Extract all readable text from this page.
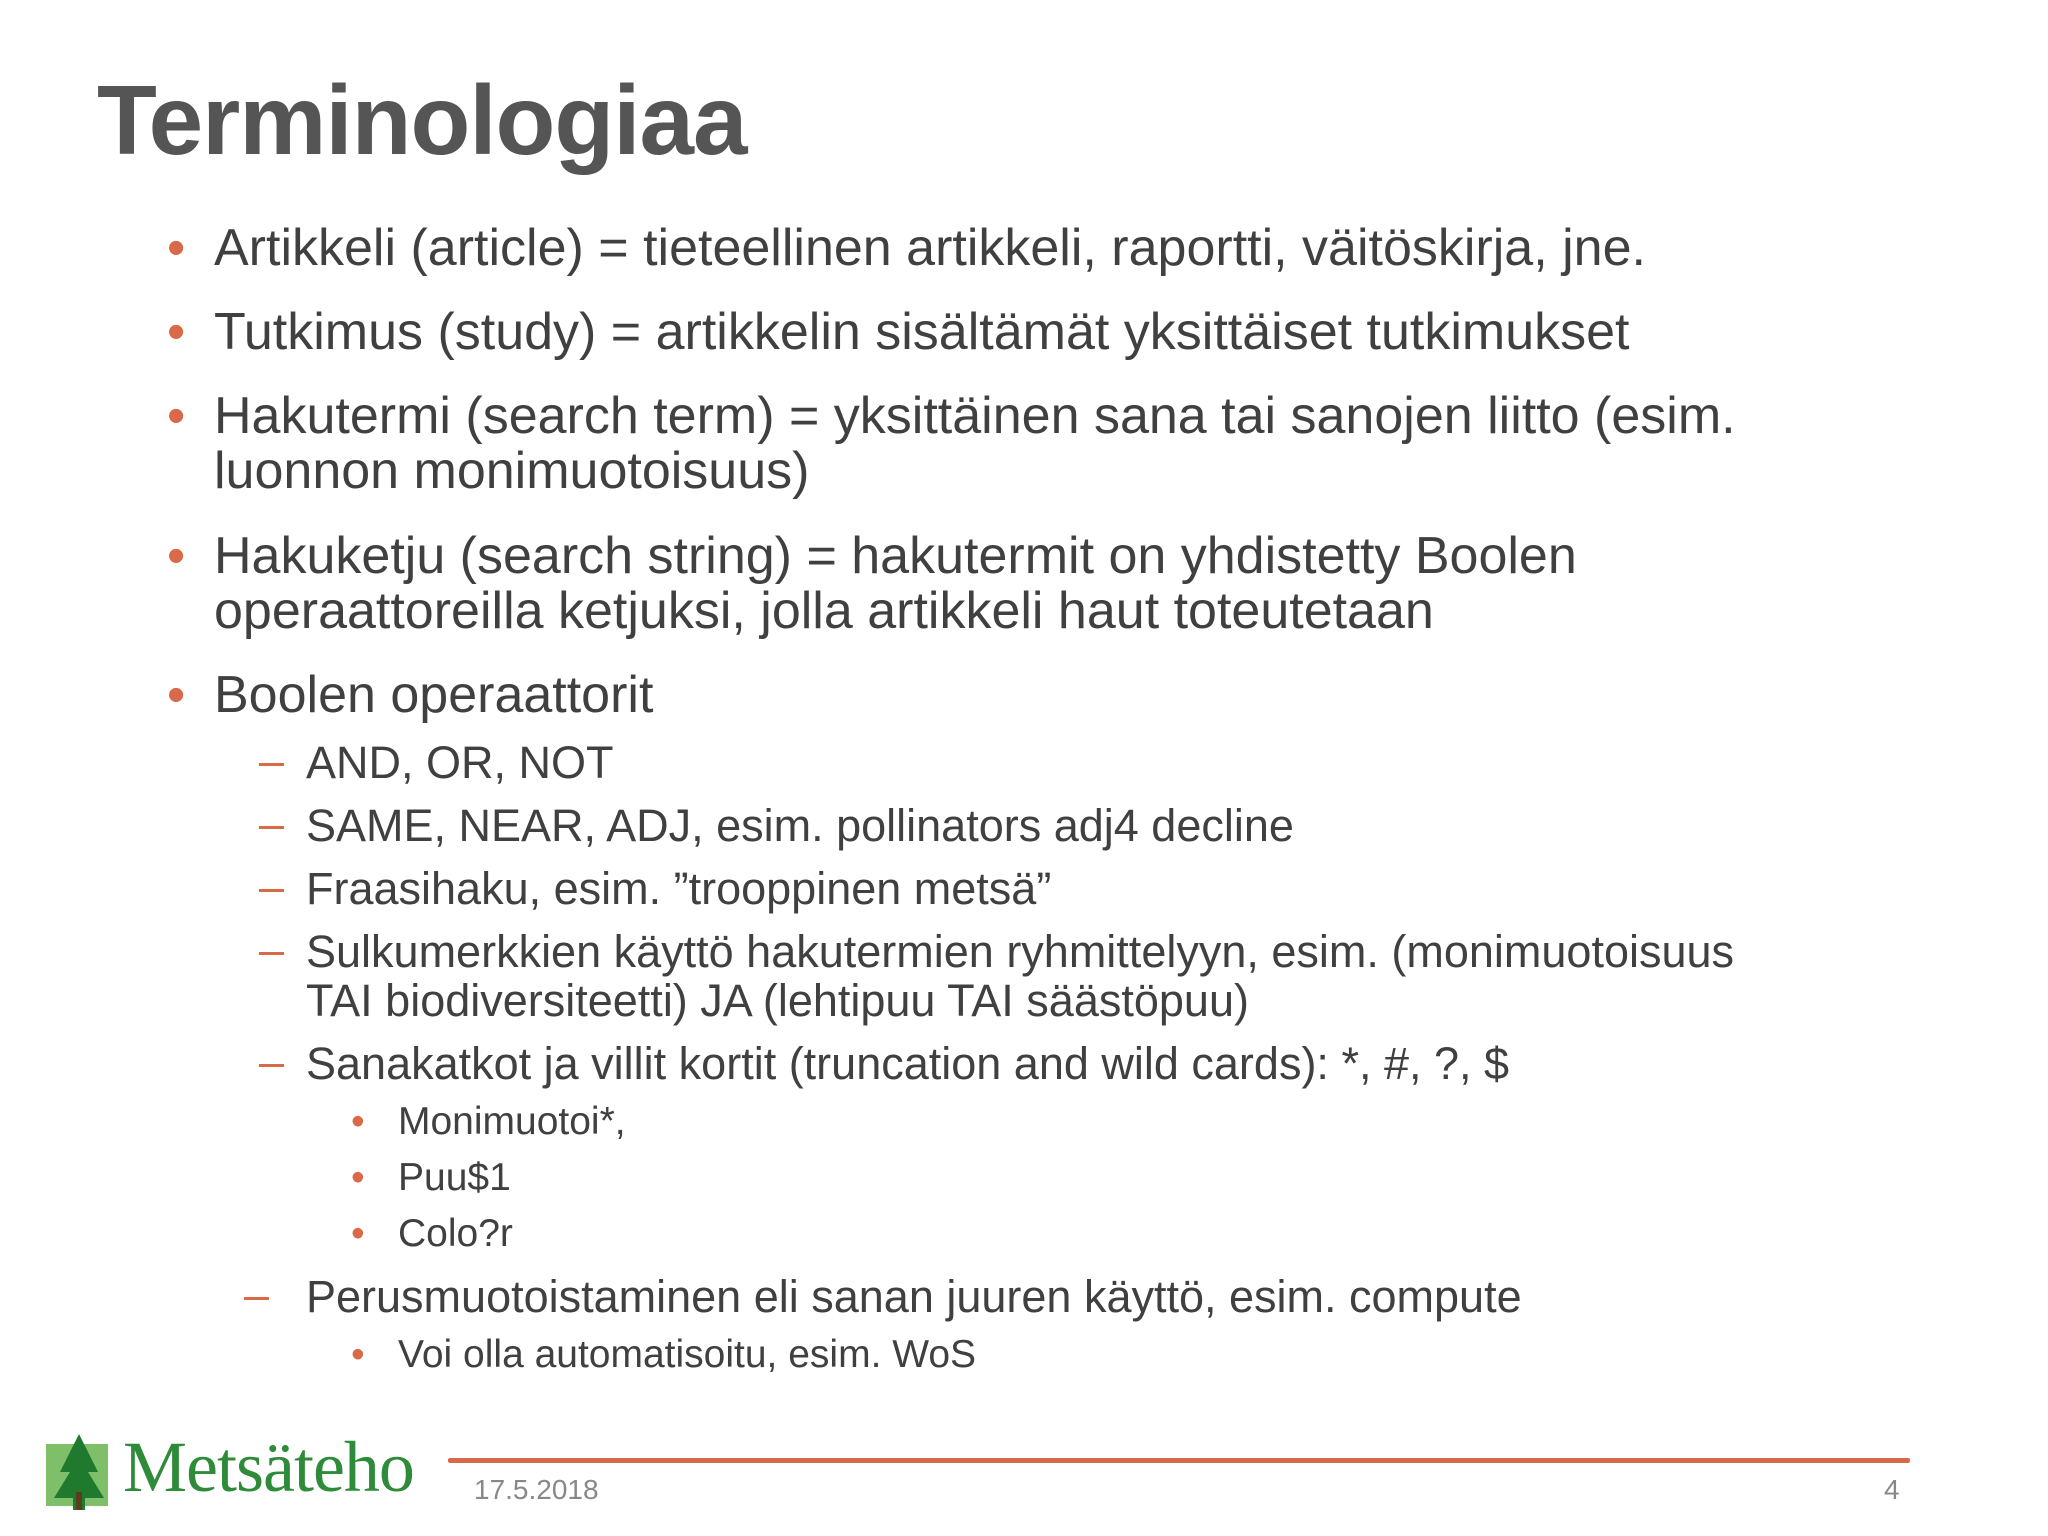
Terminologiaa
• Artikkeli (article) = tieteellinen artikkeli, raportti, väitöskirja, jne.
• Tutkimus (study) = artikkelin sisältämät yksittäiset tutkimukset
• Hakutermi (search term) = yksittäinen sana tai sanojen liitto (esim.
luonnon monimuotoisuus)
• Hakuketju (search string) = hakutermit on yhdistetty Boolen
operaattoreilla ketjuksi, jolla artikkeli haut toteutetaan
• Boolen operaattorit
– AND, OR, NOT
– SAME, NEAR, ADJ, esim. pollinators adj4 decline
– Fraasihaku, esim. ”trooppinen metsä”
– Sulkumerkkien käyttö hakutermien ryhmittelyyn, esim. (monimuotoisuus
TAI biodiversiteetti) JA (lehtipuu TAI säästöpuu)
– Sanakatkot ja villit kortit (truncation and wild cards): *, #, ?, $
• Monimuotoi*,
• Puu$1
• Colo?r
– Perusmuotoistaminen eli sanan juuren käyttö, esim. compute
• Voi olla automatisoitu, esim. WoS
Metsäteho 17.5.2018	4
